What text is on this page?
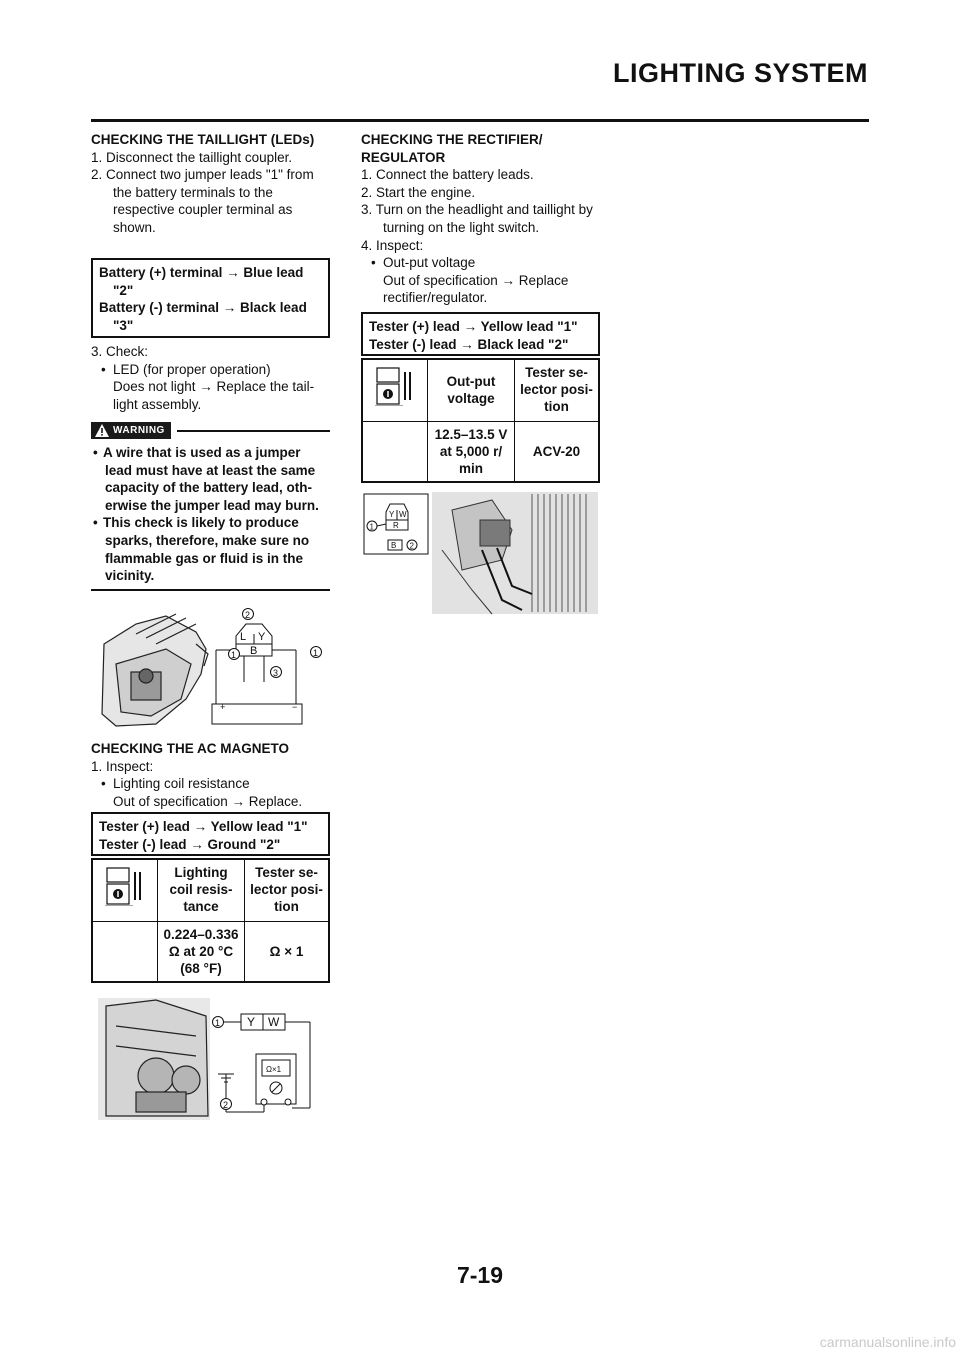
LIGHTING SYSTEM

CHECKING THE TAILLIGHT (LEDs)

1. Disconnect the taillight coupler.

2. Connect two jumper leads "1" from the battery terminals to the respective coupler terminal as shown.

Battery (+) terminal → Blue lead "2"
Battery (-) terminal → Black lead "3"

3. Check:

• LED (for proper operation)

Does not light → Replace the tail-light assembly.

WARNING

• A wire that is used as a jumper lead must have at least the same capacity of the battery lead, oth-erwise the jumper lead may burn.

• This check is likely to produce sparks, therefore, make sure no flammable gas or fluid is in the vicinity.

L Y
B
+	−
2
1	1
3

CHECKING THE AC MAGNETO

1. Inspect:

• Lighting coil resistance

Out of specification → Replace.

Tester (+) lead → Yellow lead "1"
Tester (-) lead → Ground "2"
	Lighting coil resis-tance	Tester se-lector posi-tion
	0.224–0.336 Ω at 20 °C (68 °F)	Ω × 1
Y W
1
Ω×1
2

CHECKING THE RECTIFIER/ REGULATOR

1. Connect the battery leads.

2. Start the engine.

3. Turn on the headlight and taillight by turning on the light switch.

4. Inspect:

• Out-put voltage

Out of specification → Replace rectifier/regulator.

Tester (+) lead → Yellow lead "1"
Tester (-) lead → Black lead "2"
	Out-put voltage	Tester se-lector posi-tion
	12.5–13.5 V at 5,000 r/ min	ACV-20
Y W
R
1
B 2
7-19
carmanualsonline.info
